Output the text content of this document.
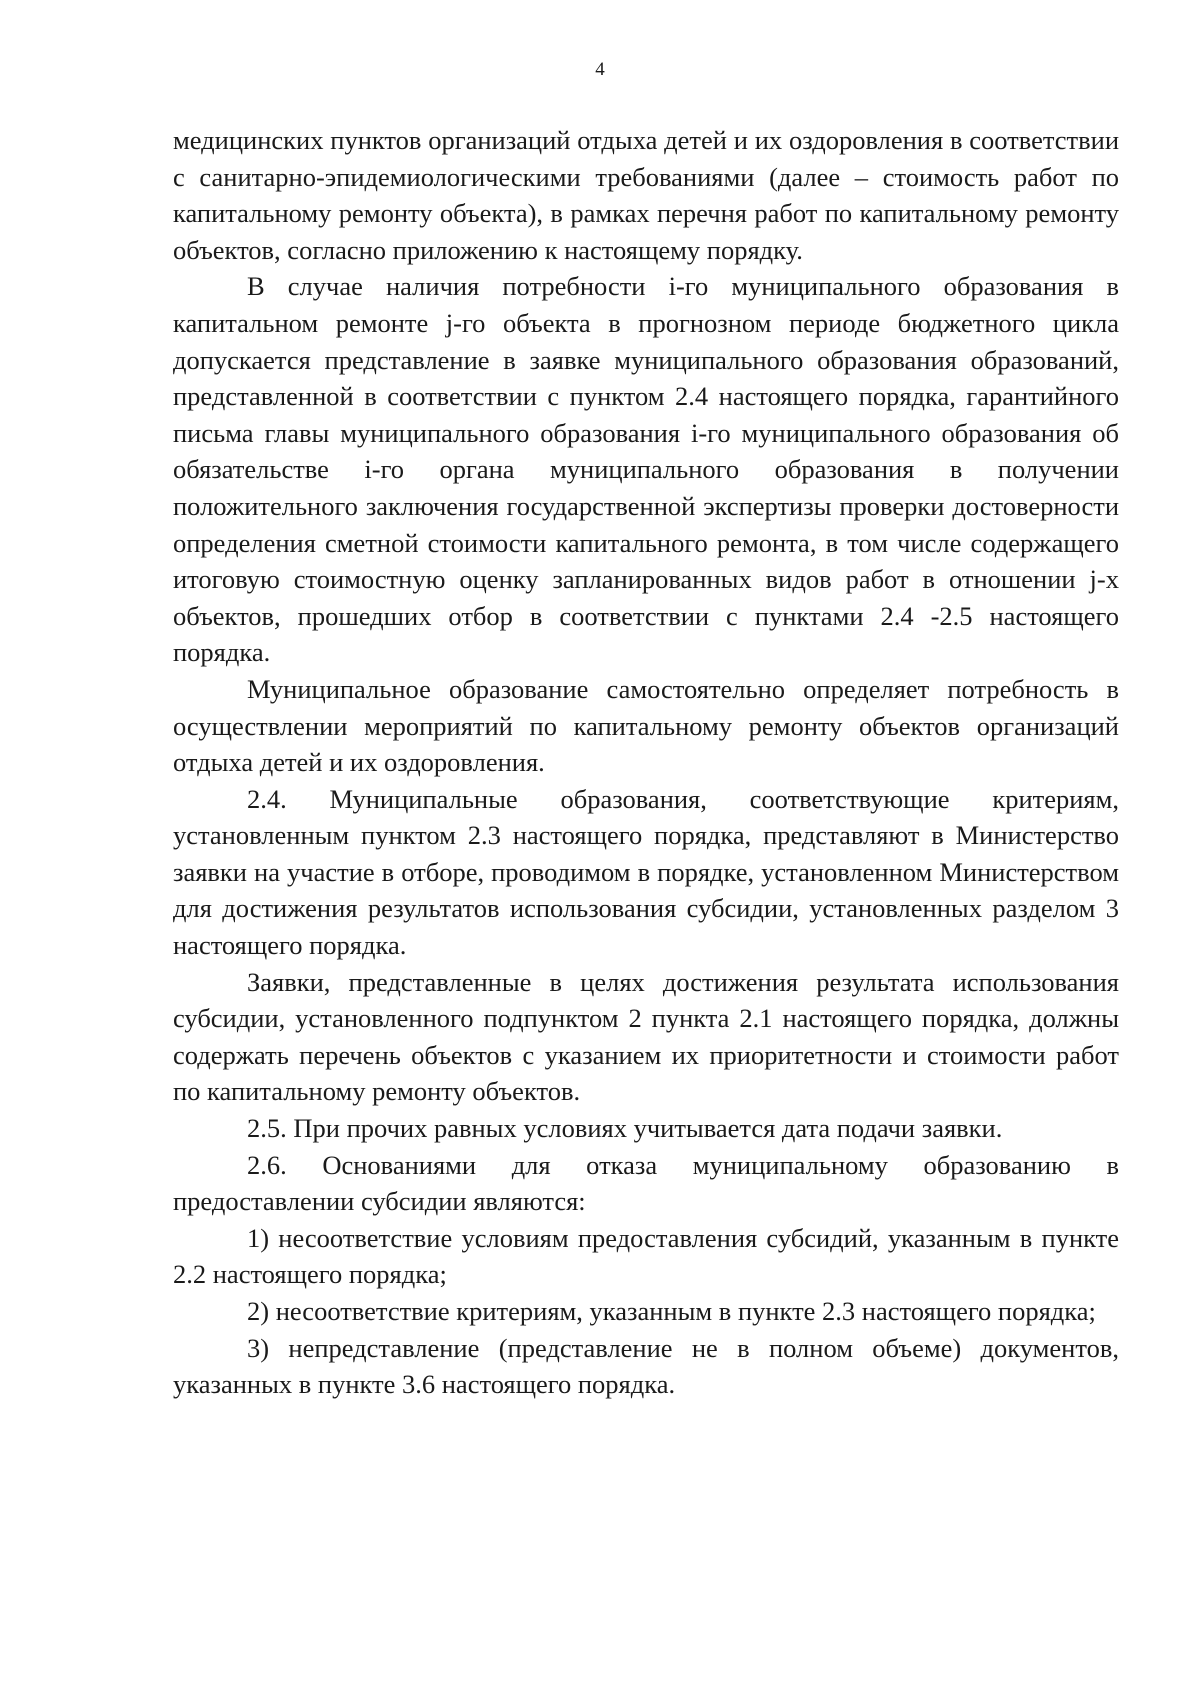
4

медицинских пунктов организаций отдыха детей и их оздоровления в соответствии с санитарно-эпидемиологическими требованиями (далее – стоимость работ по капитальному ремонту объекта), в рамках перечня работ по капитальному ремонту объектов, согласно приложению к настоящему порядку.

В случае наличия потребности i-го муниципального образования в капитальном ремонте j-го объекта в прогнозном периоде бюджетного цикла допускается представление в заявке муниципального образования образований, представленной в соответствии с пунктом 2.4 настоящего порядка, гарантийного письма главы муниципального образования i-го муниципального образования об обязательстве i-го органа муниципального образования в получении положительного заключения государственной экспертизы проверки достоверности определения сметной стоимости капитального ремонта, в том числе содержащего итоговую стоимостную оценку запланированных видов работ в отношении j-х объектов, прошедших отбор в соответствии с пунктами 2.4 -2.5 настоящего порядка.

Муниципальное образование самостоятельно определяет потребность в осуществлении мероприятий по капитальному ремонту объектов организаций отдыха детей и их оздоровления.

2.4. Муниципальные образования, соответствующие критериям, установленным пунктом 2.3 настоящего порядка, представляют в Министерство заявки на участие в отборе, проводимом в порядке, установленном Министерством для достижения результатов использования субсидии, установленных разделом 3 настоящего порядка.

Заявки, представленные в целях достижения результата использования субсидии, установленного подпунктом 2 пункта 2.1 настоящего порядка, должны содержать перечень объектов с указанием их приоритетности и стоимости работ по капитальному ремонту объектов.

2.5. При прочих равных условиях учитывается дата подачи заявки.

2.6. Основаниями для отказа муниципальному образованию в предоставлении субсидии являются:

1) несоответствие условиям предоставления субсидий, указанным в пункте 2.2 настоящего порядка;

2) несоответствие критериям, указанным в пункте 2.3 настоящего порядка;

3) непредставление (представление не в полном объеме) документов, указанных в пункте 3.6 настоящего порядка.
